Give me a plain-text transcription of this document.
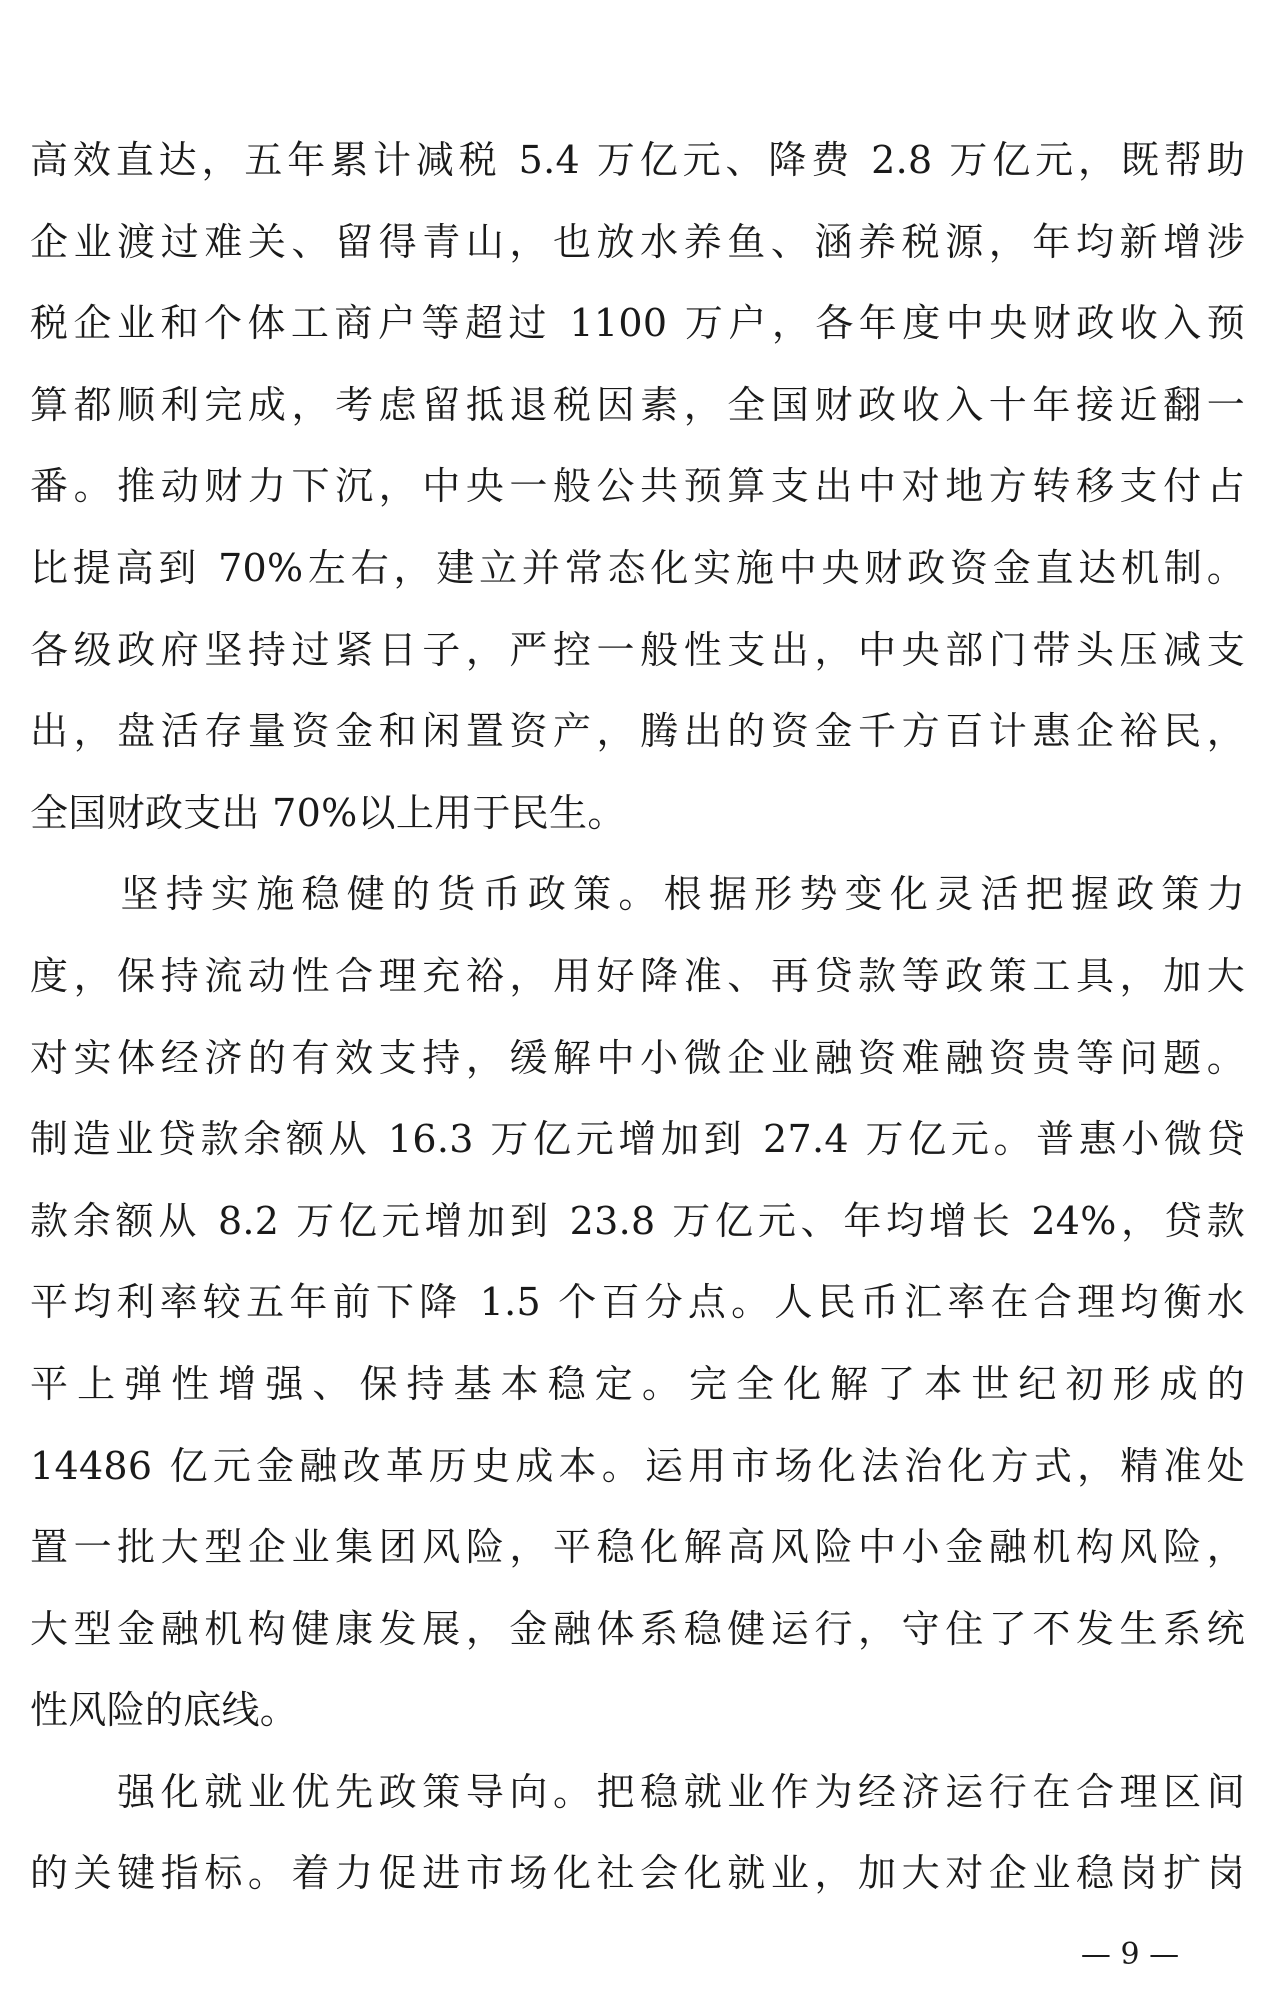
高效直达，五年累计减税 5.4 万亿元、降费 2.8 万亿元，既帮助
企业渡过难关、留得青山，也放水养鱼、涵养税源，年均新增涉
税企业和个体工商户等超过 1100 万户，各年度中央财政收入预
算都顺利完成，考虑留抵退税因素，全国财政收入十年接近翻一
番。推动财力下沉，中央一般公共预算支出中对地方转移支付占
比提高到 70%左右，建立并常态化实施中央财政资金直达机制。
各级政府坚持过紧日子，严控一般性支出，中央部门带头压减支
出，盘活存量资金和闲置资产，腾出的资金千方百计惠企裕民，
全国财政支出 70%以上用于民生。
　　坚持实施稳健的货币政策。根据形势变化灵活把握政策力
度，保持流动性合理充裕，用好降准、再贷款等政策工具，加大
对实体经济的有效支持，缓解中小微企业融资难融资贵等问题。
制造业贷款余额从 16.3 万亿元增加到 27.4 万亿元。普惠小微贷
款余额从 8.2 万亿元增加到 23.8 万亿元、年均增长 24%，贷款
平均利率较五年前下降 1.5 个百分点。人民币汇率在合理均衡水
平上弹性增强、保持基本稳定。完全化解了本世纪初形成的
14486 亿元金融改革历史成本。运用市场化法治化方式，精准处
置一批大型企业集团风险，平稳化解高风险中小金融机构风险，
大型金融机构健康发展，金融体系稳健运行，守住了不发生系统
性风险的底线。
　　强化就业优先政策导向。把稳就业作为经济运行在合理区间
的关键指标。着力促进市场化社会化就业，加大对企业稳岗扩岗
— 9 —
